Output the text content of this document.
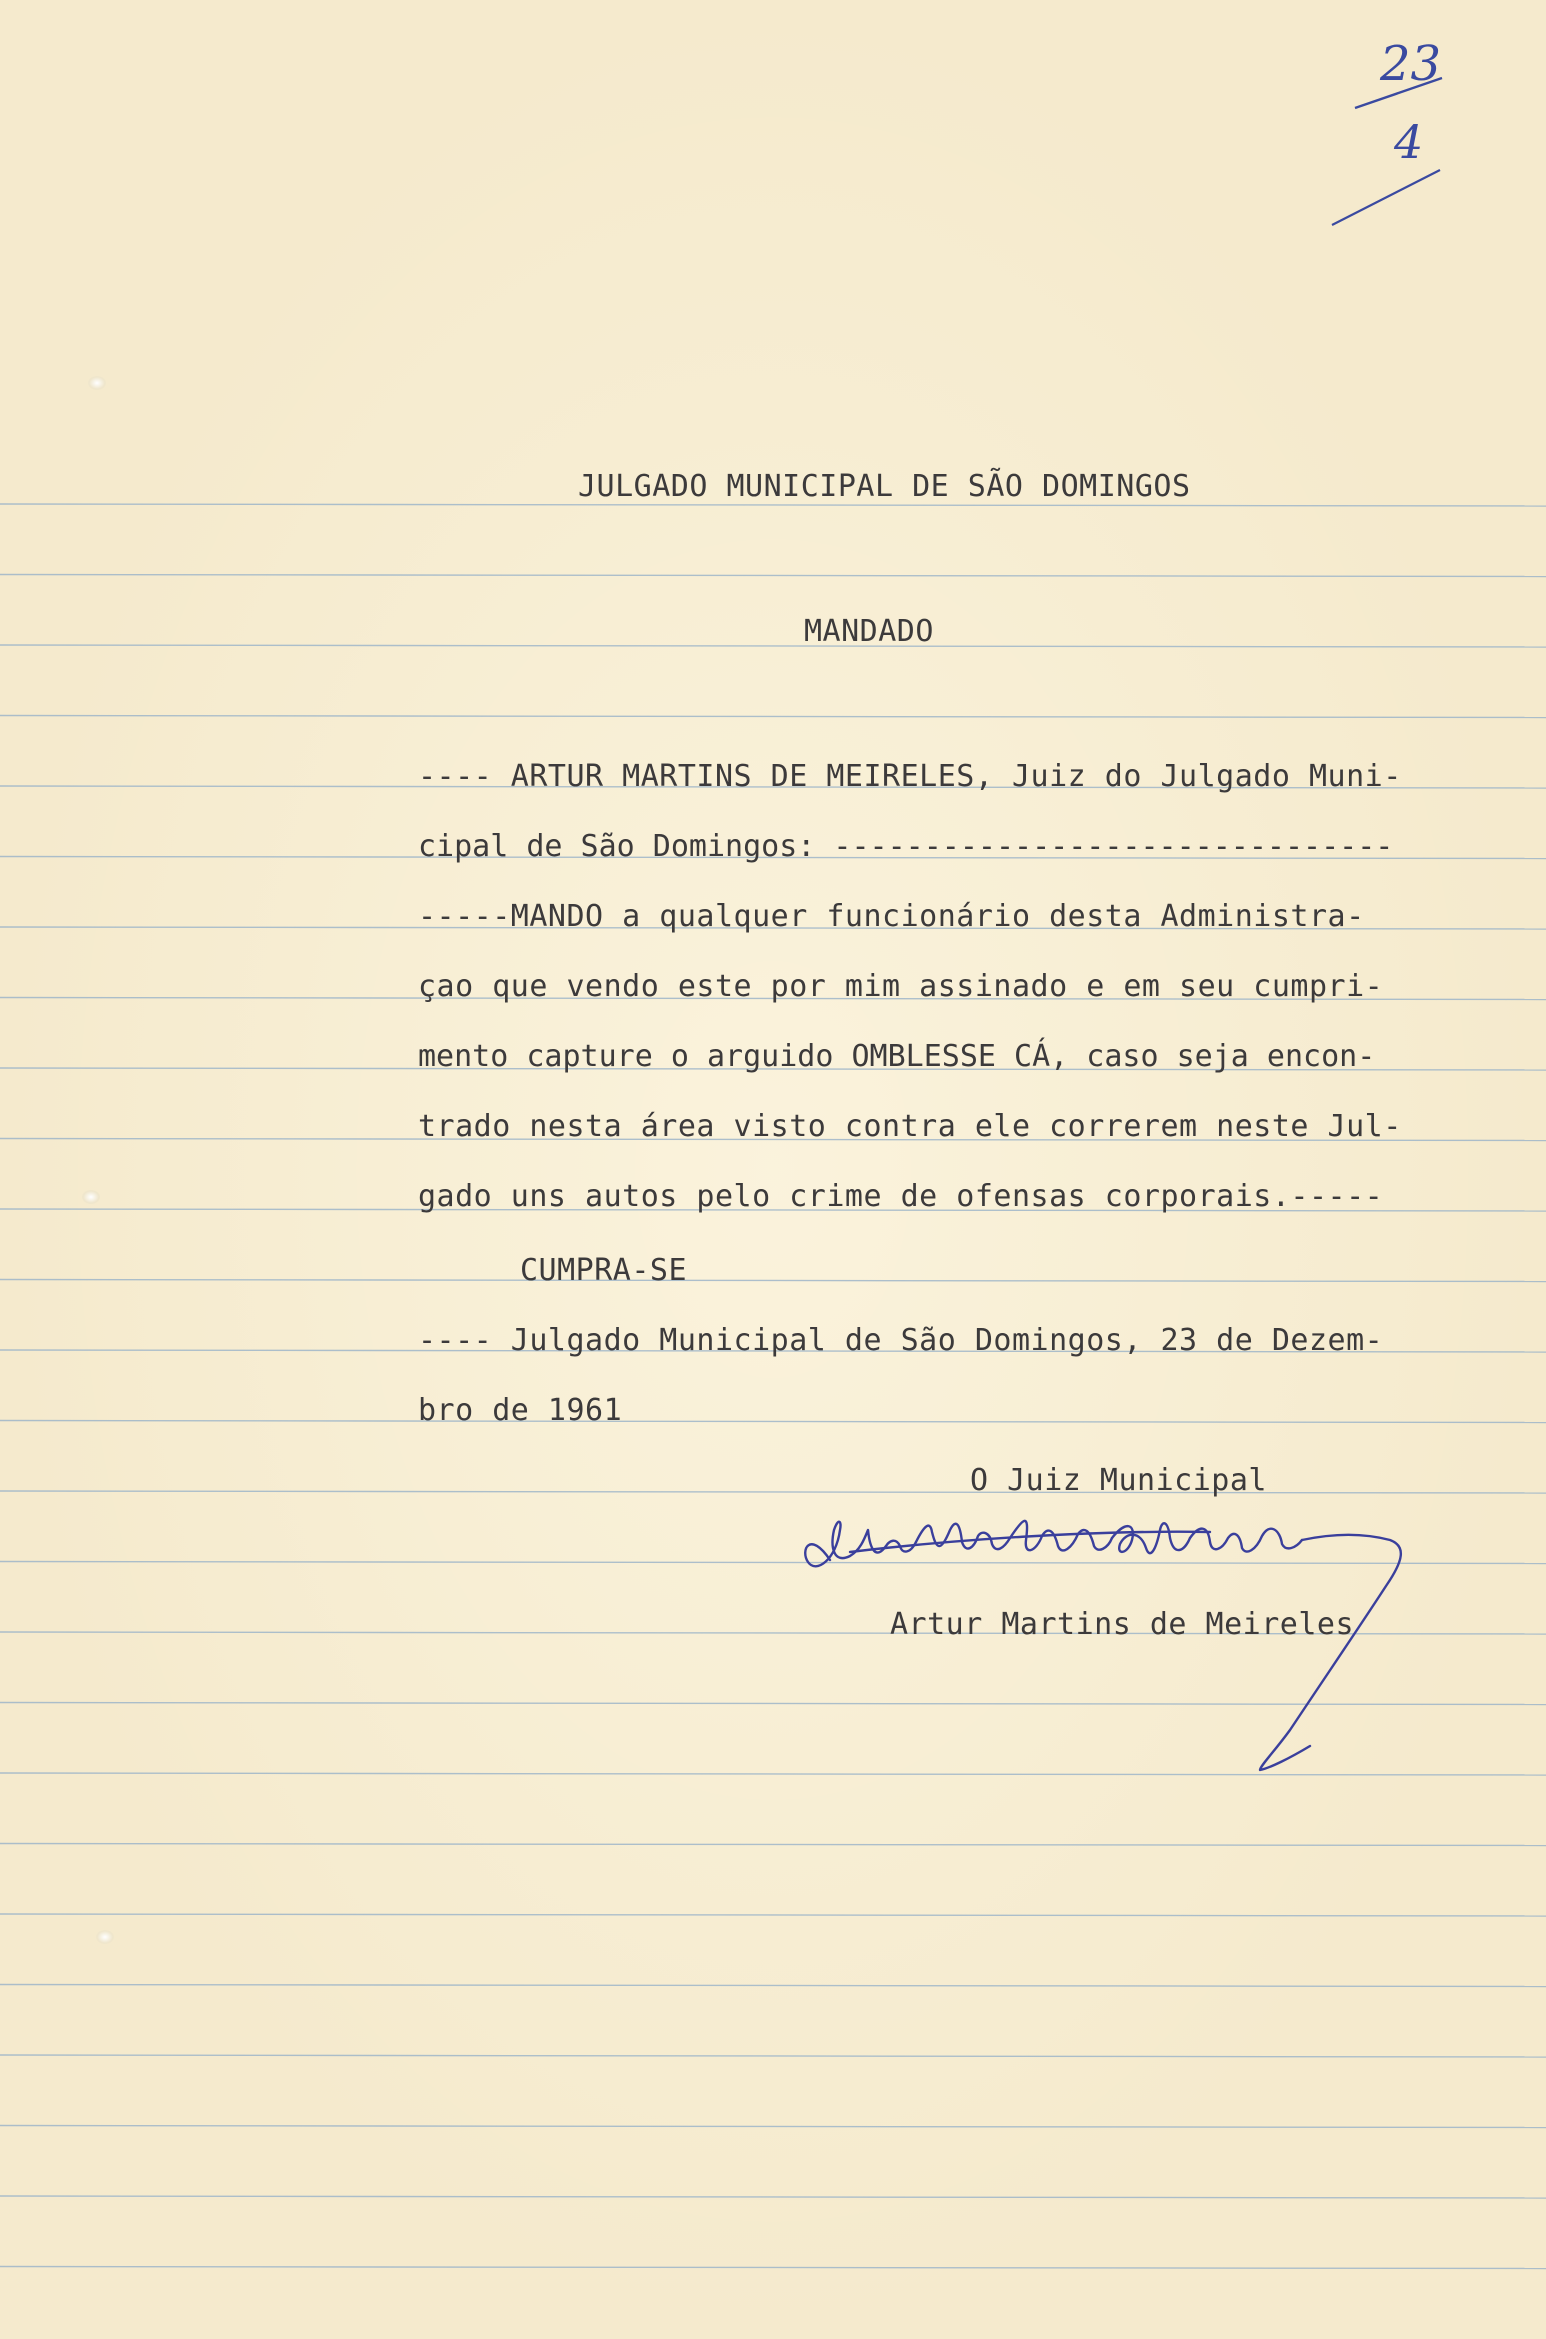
23
4
JULGADO MUNICIPAL DE SÃO DOMINGOS
MANDADO
---- ARTUR MARTINS DE MEIRELES, Juiz do Julgado Muni-
cipal de São Domingos: -------------------------------
-----MANDO a qualquer funcionário desta Administra-
çao que vendo este por mim assinado e em seu cumpri-
mento capture o arguido OMBLESSE CÁ, caso seja encon-
trado nesta área visto contra ele correrem neste Jul-
gado uns autos pelo crime de ofensas corporais.-----
CUMPRA-SE
---- Julgado Municipal de São Domingos, 23 de Dezem-
bro de 1961
O Juiz Municipal
Artur Martins de Meireles
